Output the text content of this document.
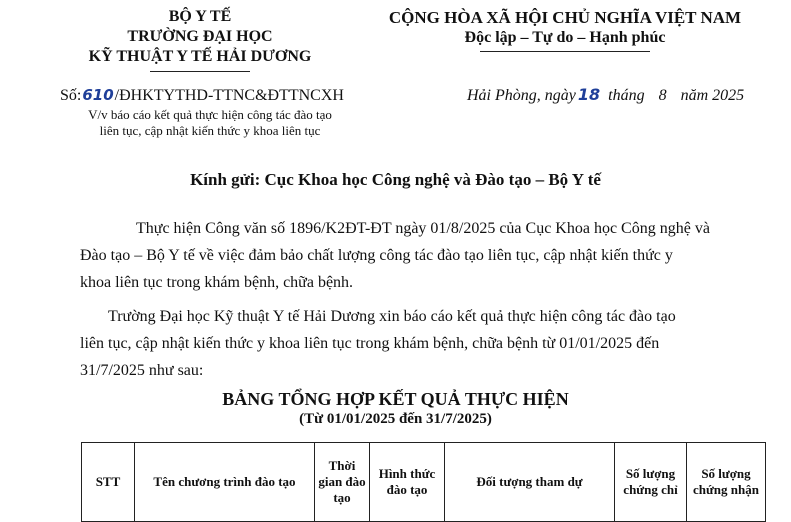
BỘ Y TẾ
TRƯỜNG ĐẠI HỌC
KỸ THUẬT Y TẾ HẢI DƯƠNG
Số:610/ĐHKTYTHD-TTNC&ĐTTNCXH
V/v báo cáo kết quả thực hiện công tác đào tạo
liên tục, cập nhật kiến thức y khoa liên tục
CỘNG HÒA XÃ HỘI CHỦ NGHĨA VIỆT NAM
Độc lập – Tự do – Hạnh phúc
Hải Phòng, ngày 18 tháng 8 năm 2025
Kính gửi: Cục Khoa học Công nghệ và Đào tạo – Bộ Y tế
Thực hiện Công văn số 1896/K2ĐT-ĐT ngày 01/8/2025 của Cục Khoa học Công nghệ và
Đào tạo – Bộ Y tế về việc đảm bảo chất lượng công tác đào tạo liên tục, cập nhật kiến thức y
khoa liên tục trong khám bệnh, chữa bệnh.
Trường Đại học Kỹ thuật Y tế Hải Dương xin báo cáo kết quả thực hiện công tác đào tạo
liên tục, cập nhật kiến thức y khoa liên tục trong khám bệnh, chữa bệnh từ 01/01/2025 đến
31/7/2025 như sau:
BẢNG TỔNG HỢP KẾT QUẢ THỰC HIỆN
(Từ 01/01/2025 đến 31/7/2025)
STT	Tên chương trình đào tạo	Thời gian đào tạo	Hình thức đào tạo	Đối tượng tham dự	Số lượng chứng chỉ	Số lượng chứng nhận
